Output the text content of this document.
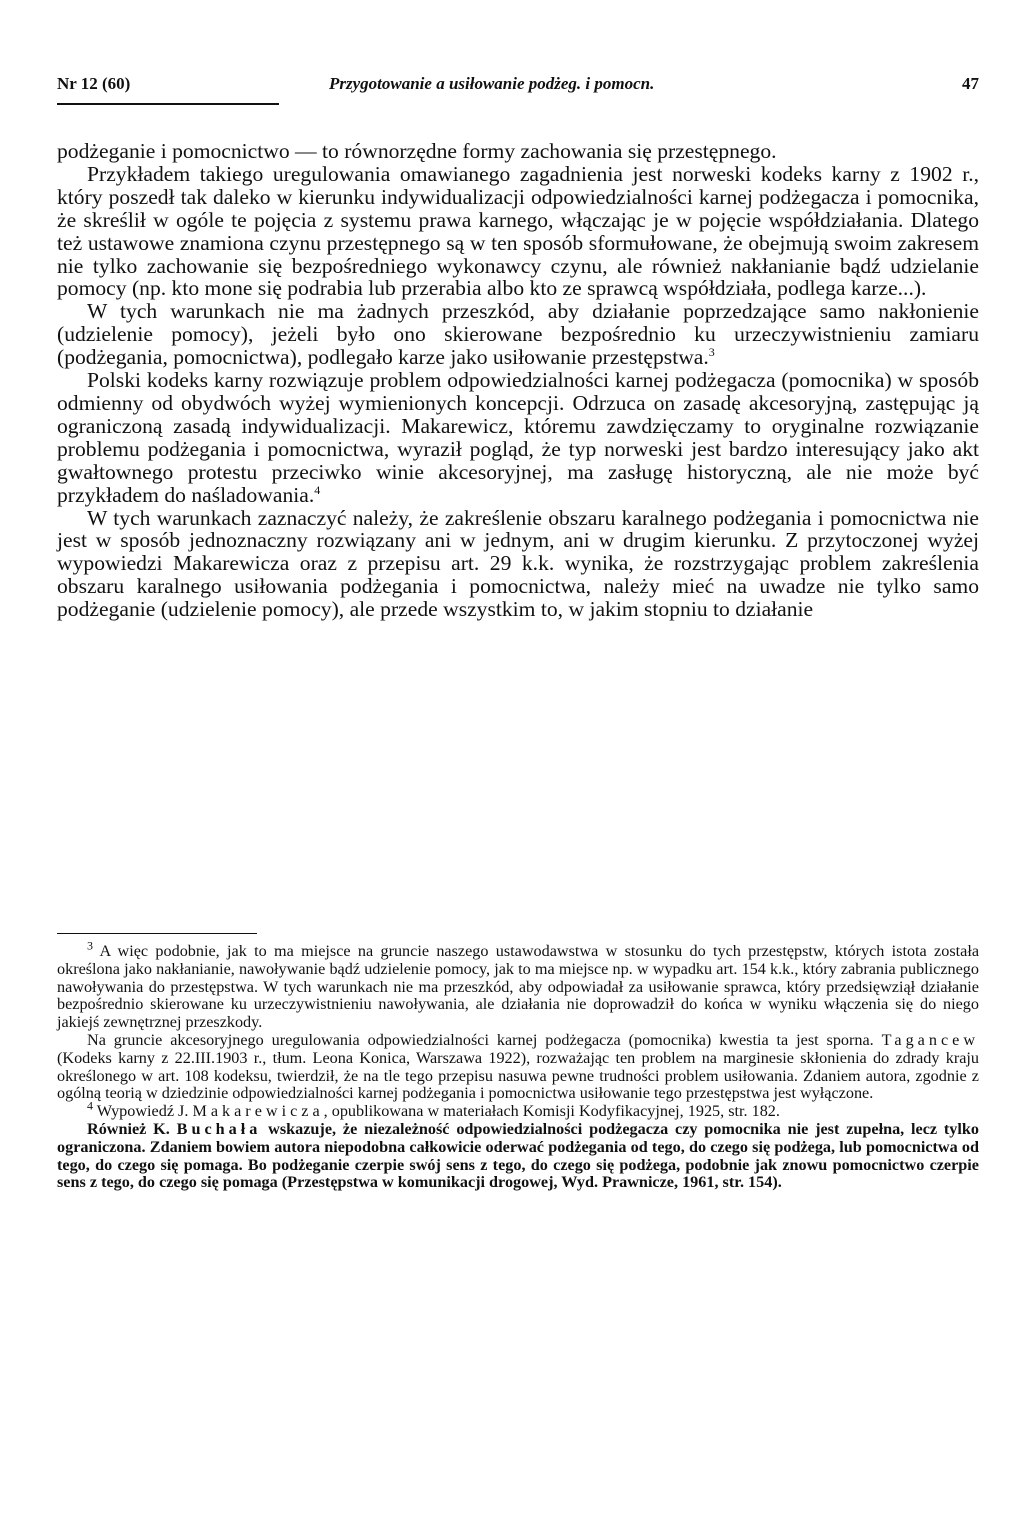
Nr 12 (60)	Przygotowanie a usiłowanie podżeg. i pomocn.	47

podżeganie i pomocnictwo — to równorzędne formy zachowania się przestępnego.

Przykładem takiego uregulowania omawianego zagadnienia jest norweski kodeks karny z 1902 r., który poszedł tak daleko w kierunku indywidualizacji odpowiedzialności karnej podżegacza i pomocnika, że skreślił w ogóle te pojęcia z systemu prawa karnego, włączając je w pojęcie współdziałania. Dlatego też ustawowe znamiona czynu przestępnego są w ten sposób sformułowane, że obejmują swoim zakresem nie tylko zachowanie się bezpośredniego wykonawcy czynu, ale również nakłanianie bądź udzielanie pomocy (np. kto mone się podrabia lub przerabia albo kto ze sprawcą współdziała, podlega karze...).

W tych warunkach nie ma żadnych przeszkód, aby działanie poprzedzające samo nakłonienie (udzielenie pomocy), jeżeli było ono skierowane bezpośrednio ku urzeczywistnieniu zamiaru (podżegania, pomocnictwa), podlegało karze jako usiłowanie przestępstwa.$^3$

Polski kodeks karny rozwiązuje problem odpowiedzialności karnej podżegacza (pomocnika) w sposób odmienny od obydwóch wyżej wymienionych koncepcji. Odrzuca on zasadę akcesoryjną, zastępując ją ograniczoną zasadą indywidualizacji. Makarewicz, któremu zawdzięczamy to oryginalne rozwiązanie problemu podżegania i pomocnictwa, wyraził pogląd, że typ norweski jest bardzo interesujący jako akt gwałtownego protestu przeciwko winie akcesoryjnej, ma zasługę historyczną, ale nie może być przykładem do naśladowania.$^4$

W tych warunkach zaznaczyć należy, że zakreślenie obszaru karalnego podżegania i pomocnictwa nie jest w sposób jednoznaczny rozwiązany ani w jednym, ani w drugim kierunku. Z przytoczonej wyżej wypowiedzi Makarewicza oraz z przepisu art. 29 k.k. wynika, że rozstrzygając problem zakreślenia obszaru karalnego usiłowania podżegania i pomocnictwa, należy mieć na uwadze nie tylko samo podżeganie (udzielenie pomocy), ale przede wszystkim to, w jakim stopniu to działanie

$^3$ A więc podobnie, jak to ma miejsce na gruncie naszego ustawodawstwa w stosunku do tych przestępstw, których istota została określona jako nakłanianie, nawoływanie bądź udzielenie pomocy, jak to ma miejsce np. w wypadku art. 154 k.k., który zabrania publicznego nawoływania do przestępstwa. W tych warunkach nie ma przeszkód, aby odpowiadał za usiłowanie sprawca, który przedsięwziął działanie bezpośrednio skierowane ku urzeczywistnieniu nawoływania, ale działania nie doprowadził do końca w wyniku włączenia się do niego jakiejś zewnętrznej przeszkody.

Na gruncie akcesoryjnego uregulowania odpowiedzialności karnej podżegacza (pomocnika) kwestia ta jest sporna. Tagancew (Kodeks karny z 22.III.1903 r., tłum. Leona Konica, Warszawa 1922), rozważając ten problem na marginesie skłonienia do zdrady kraju określonego w art. 108 kodeksu, twierdził, że na tle tego przepisu nasuwa pewne trudności problem usiłowania. Zdaniem autora, zgodnie z ogólną teorią w dziedzinie odpowiedzialności karnej podżegania i pomocnictwa usiłowanie tego przestępstwa jest wyłączone.

$^4$ Wypowiedź J. Makarewicza, opublikowana w materiałach Komisji Kodyfikacyjnej, 1925, str. 182.

Również K. Buchała wskazuje, że niezależność odpowiedzialności podżegacza czy pomocnika nie jest zupełna, lecz tylko ograniczona. Zdaniem bowiem autora niepodobna całkowicie oderwać podżegania od tego, do czego się podżega, lub pomocnictwa od tego, do czego się pomaga. Bo podżeganie czerpie swój sens z tego, do czego się podżega, podobnie jak znowu pomocnictwo czerpie sens z tego, do czego się pomaga (Przestępstwa w komunikacji drogowej, Wyd. Prawnicze, 1961, str. 154).
